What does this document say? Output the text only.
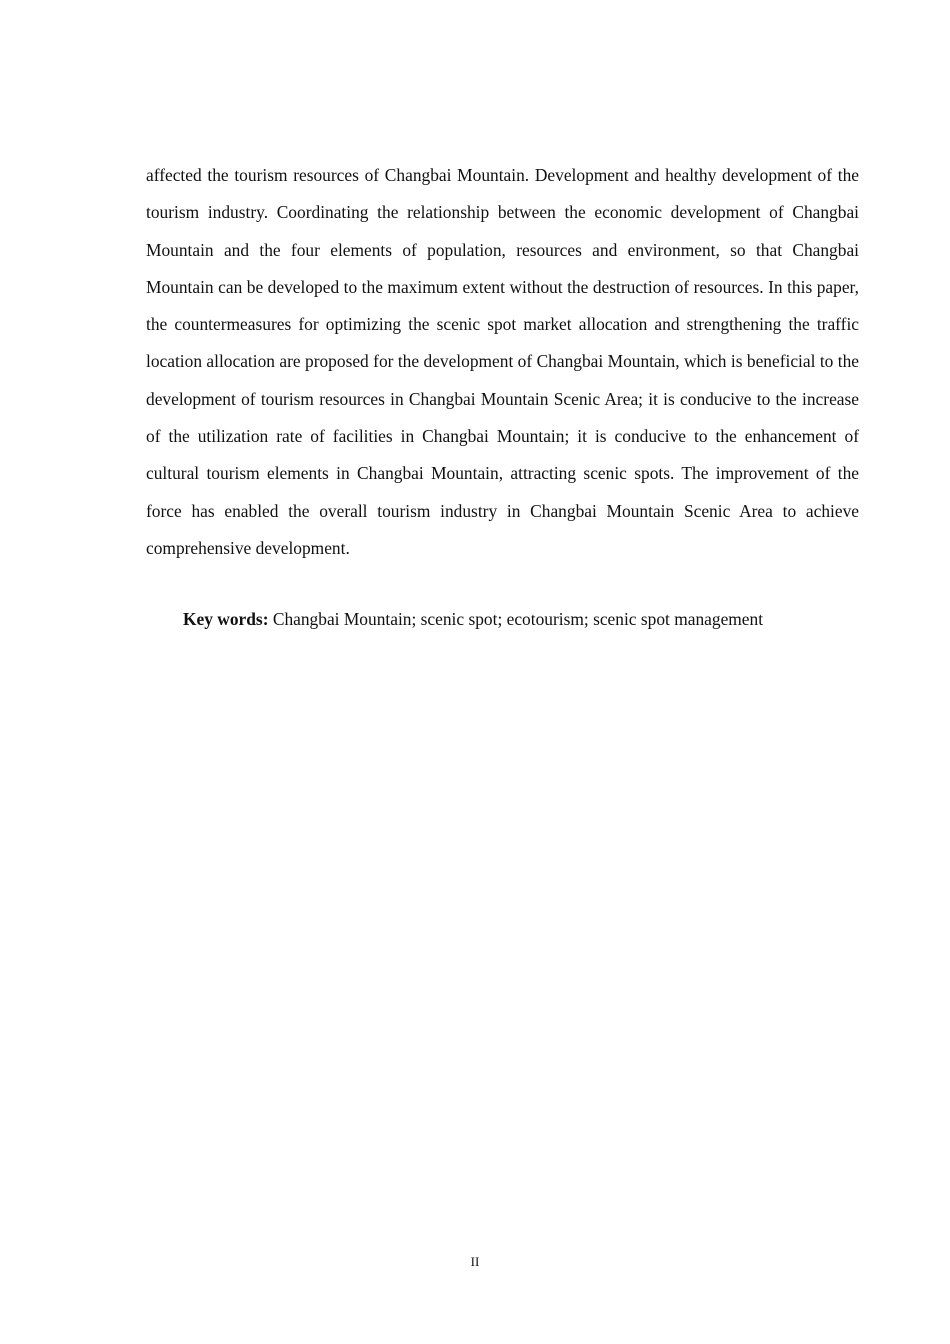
affected the tourism resources of Changbai Mountain. Development and healthy development of the tourism industry. Coordinating the relationship between the economic development of Changbai Mountain and the four elements of population, resources and environment, so that Changbai Mountain can be developed to the maximum extent without the destruction of resources. In this paper, the countermeasures for optimizing the scenic spot market allocation and strengthening the traffic location allocation are proposed for the development of Changbai Mountain, which is beneficial to the development of tourism resources in Changbai Mountain Scenic Area; it is conducive to the increase of the utilization rate of facilities in Changbai Mountain; it is conducive to the enhancement of cultural tourism elements in Changbai Mountain, attracting scenic spots. The improvement of the force has enabled the overall tourism industry in Changbai Mountain Scenic Area to achieve comprehensive development.

Key words: Changbai Mountain; scenic spot; ecotourism; scenic spot management

II
